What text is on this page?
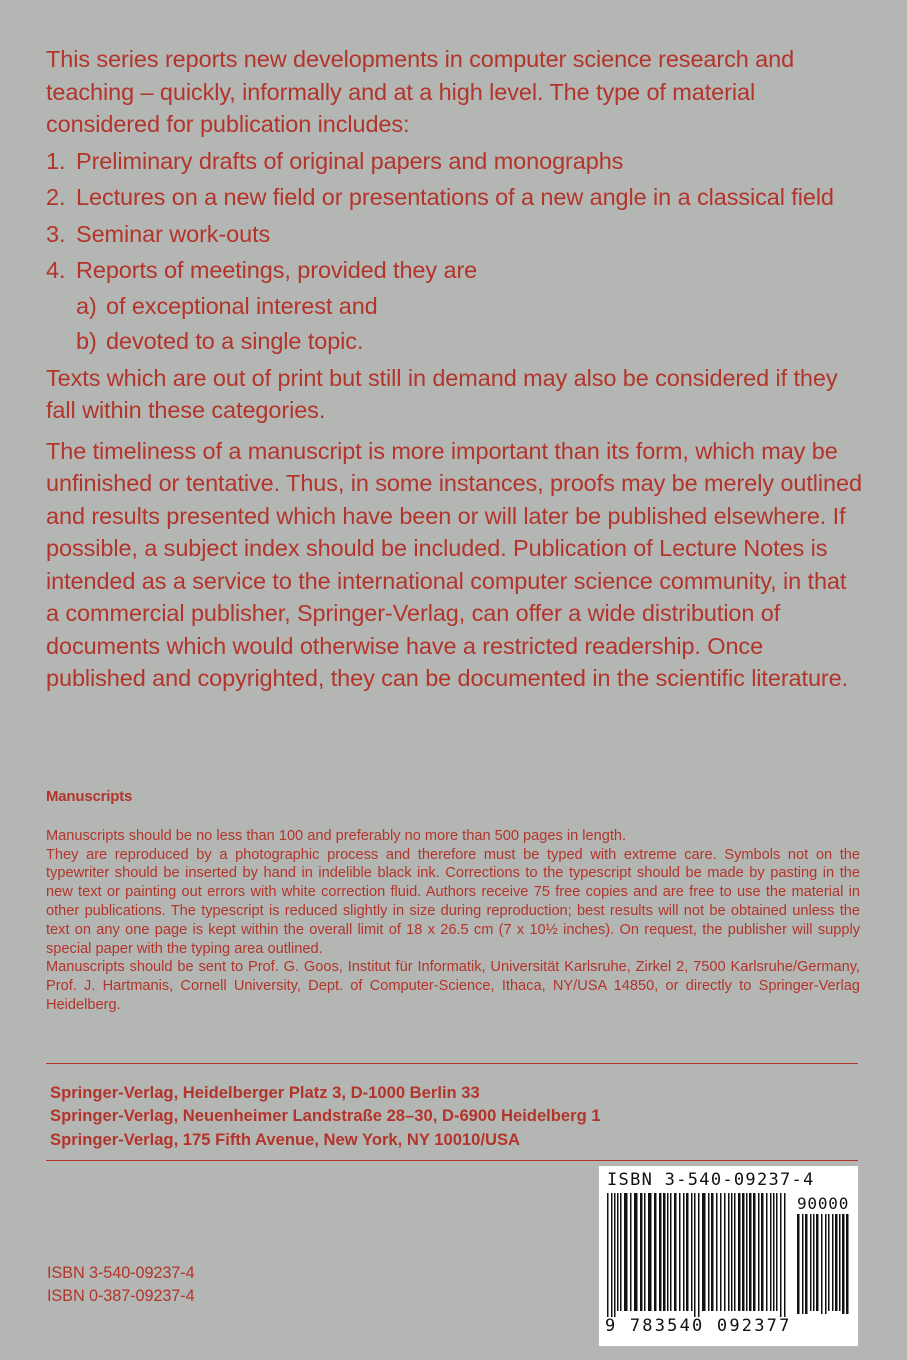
This series reports new developments in computer science research and teaching – quickly, informally and at a high level. The type of material considered for publication includes:

1. Preliminary drafts of original papers and monographs
2. Lectures on a new field or presentations of a new angle in a classical field
3. Seminar work-outs
4. Reports of meetings, provided they are
a) of exceptional interest and
b) devoted to a single topic.

Texts which are out of print but still in demand may also be considered if they fall within these categories.

The timeliness of a manuscript is more important than its form, which may be unfinished or tentative. Thus, in some instances, proofs may be merely outlined and results presented which have been or will later be published elsewhere. If possible, a subject index should be included. Publication of Lecture Notes is intended as a service to the international computer science community, in that a commercial publisher, Springer-Verlag, can offer a wide distribution of documents which would otherwise have a restricted readership. Once published and copyrighted, they can be documented in the scientific literature.

Manuscripts

Manuscripts should be no less than 100 and preferably no more than 500 pages in length.

They are reproduced by a photographic process and therefore must be typed with extreme care. Symbols not on the typewriter should be inserted by hand in indelible black ink. Corrections to the typescript should be made by pasting in the new text or painting out errors with white correction fluid. Authors receive 75 free copies and are free to use the material in other publications. The typescript is reduced slightly in size during reproduction; best results will not be obtained unless the text on any one page is kept within the overall limit of 18 x 26.5 cm (7 x 10½ inches). On request, the publisher will supply special paper with the typing area outlined.

Manuscripts should be sent to Prof. G. Goos, Institut für Informatik, Universität Karlsruhe, Zirkel 2, 7500 Karlsruhe/Germany, Prof. J. Hartmanis, Cornell University, Dept. of Computer-Science, Ithaca, NY/USA 14850, or directly to Springer-Verlag Heidelberg.

Springer-Verlag, Heidelberger Platz 3, D-1000 Berlin 33
Springer-Verlag, Neuenheimer Landstraße 28–30, D-6900 Heidelberg 1
Springer-Verlag, 175 Fifth Avenue, New York, NY 10010/USA
ISBN 3-540-09237-4
90000
9 783540 092377
ISBN 3-540-09237-4
ISBN 0-387-09237-4
